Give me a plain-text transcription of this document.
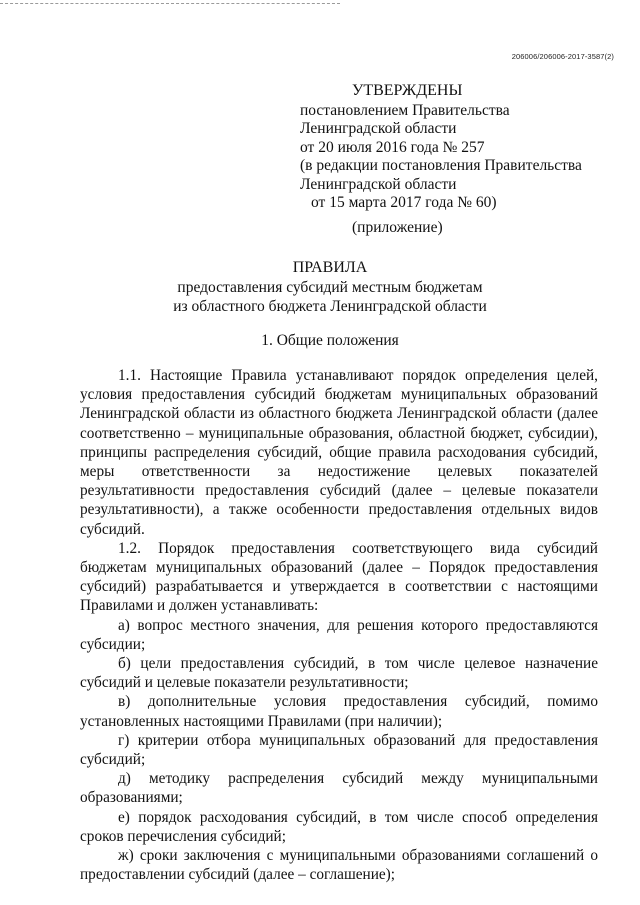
206006/206006-2017-3587(2)
УТВЕРЖДЕНЫ
постановлением Правительства
Ленинградской области
от 20 июля 2016 года № 257
(в редакции постановления Правительства
Ленинградской области
от 15 марта 2017 года № 60)
(приложение)
ПРАВИЛА
предоставления субсидий местным бюджетам
из областного бюджета Ленинградской области
1. Общие положения

1.1. Настоящие Правила устанавливают порядок определения целей, условия предоставления субсидий бюджетам муниципальных образований Ленинградской области из областного бюджета Ленинградской области (далее соответственно – муниципальные образования, областной бюджет, субсидии), принципы распределения субсидий, общие правила расходования субсидий, меры ответственности за недостижение целевых показателей результативности предоставления субсидий (далее – целевые показатели результативности), а также особенности предоставления отдельных видов субсидий.

1.2. Порядок предоставления соответствующего вида субсидий бюджетам муниципальных образований (далее – Порядок предоставления субсидий) разрабатывается и утверждается в соответствии с настоящими Правилами и должен устанавливать:

а) вопрос местного значения, для решения которого предоставляются субсидии;

б) цели предоставления субсидий, в том числе целевое назначение субсидий и целевые показатели результативности;

в) дополнительные условия предоставления субсидий, помимо установленных настоящими Правилами (при наличии);

г) критерии отбора муниципальных образований для предоставления субсидий;

д) методику распределения субсидий между муниципальными образованиями;

е) порядок расходования субсидий, в том числе способ определения сроков перечисления субсидий;

ж) сроки заключения с муниципальными образованиями соглашений о предоставлении субсидий (далее – соглашение);
